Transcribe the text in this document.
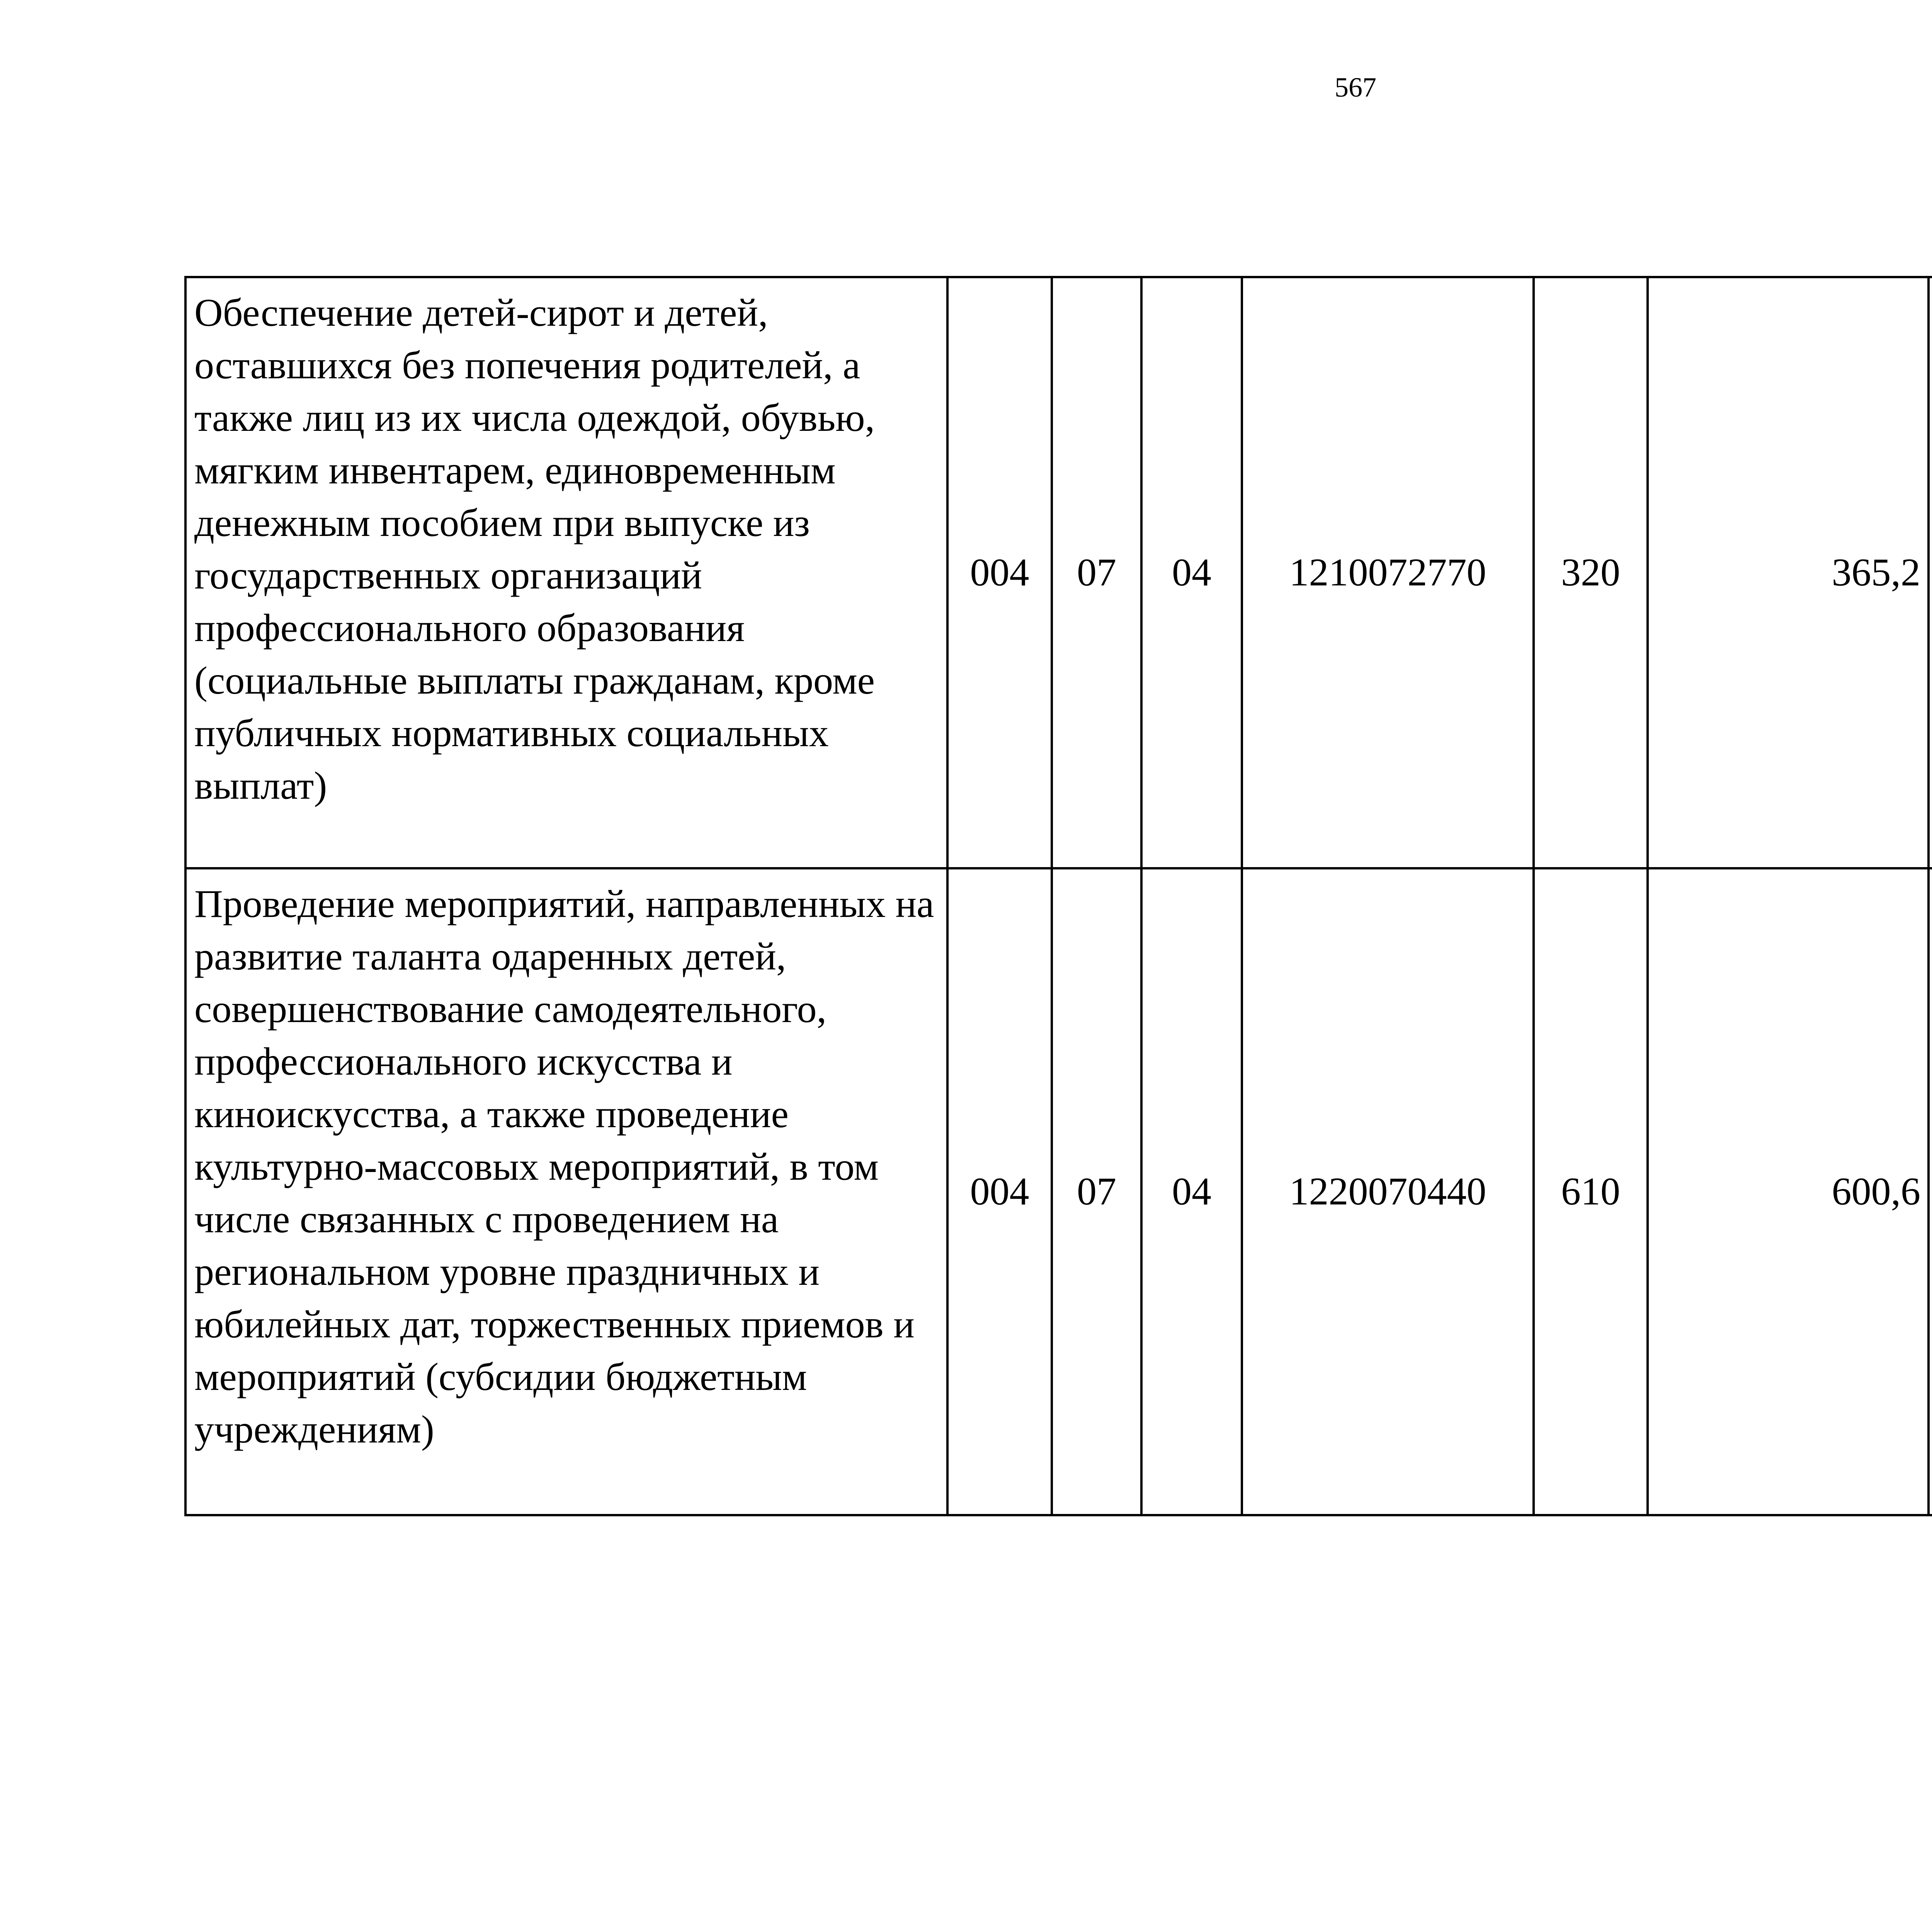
567
Обеспечение детей-сирот и детей, оставшихся без попечения родителей, а также лиц из их числа одеждой, обувью, мягким инвентарем, единовременным денежным пособием при выпуске из государственных организаций профессионального образования (социальные выплаты гражданам, кроме публичных нормативных социальных выплат)	004	07	04	1210072770	320	365,2		
Проведение мероприятий, направленных на развитие таланта одаренных детей, совершенствование самодеятельного, профессионального искусства и киноискусства, а также проведение культурно-массовых мероприятий, в том числе связанных с проведением на региональном уровне праздничных и юбилейных дат, торжественных приемов и мероприятий (субсидии бюджетным учреждениям)	004	07	04	1220070440	610	600,6		
